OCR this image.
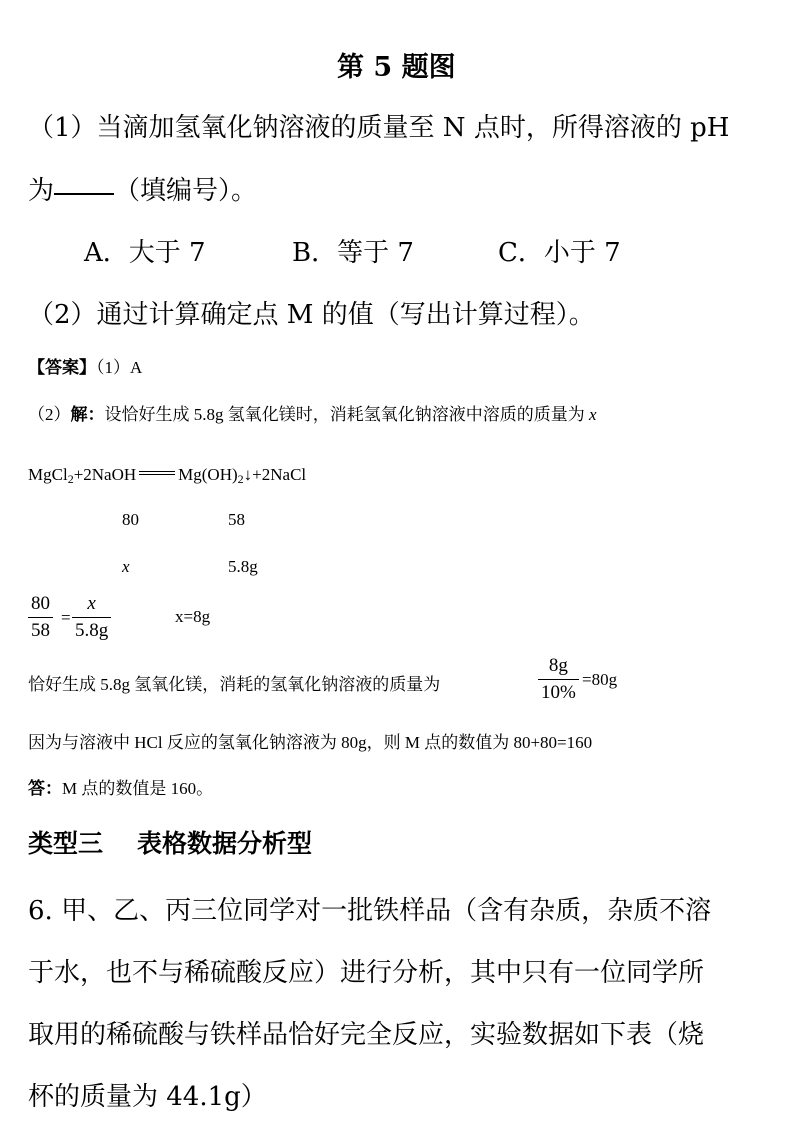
第 5 题图
（1）当滴加氢氧化钠溶液的质量至 N 点时，所得溶液的 pH
为 （填编号）。
A．大于 7	B．等于 7	C．小于 7
（2）通过计算确定点 M 的值（写出计算过程）。
【答案】（1）A
（2）解：设恰好生成 5.8g 氢氧化镁时，消耗氢氧化钠溶液中溶质的质量为 x
MgCl$_2$+2NaOH $Mg(OH)_2↓+2NaCl$
80	58
x	5.8g
80
58
=
x
5.8g
x=8g
恰好生成 5.8g 氢氧化镁，消耗的氢氧化钠溶液的质量为
8g
10%
=80g
因为与溶液中 HCl 反应的氢氧化钠溶液为 80g，则 M 点的数值为 80+80=160
答：M 点的数值是 160。
类型三 表格数据分析型
6. 甲、乙、丙三位同学对一批铁样品（含有杂质，杂质不溶
于水，也不与稀硫酸反应）进行分析，其中只有一位同学所
取用的稀硫酸与铁样品恰好完全反应，实验数据如下表（烧
杯的质量为 44.1g）
